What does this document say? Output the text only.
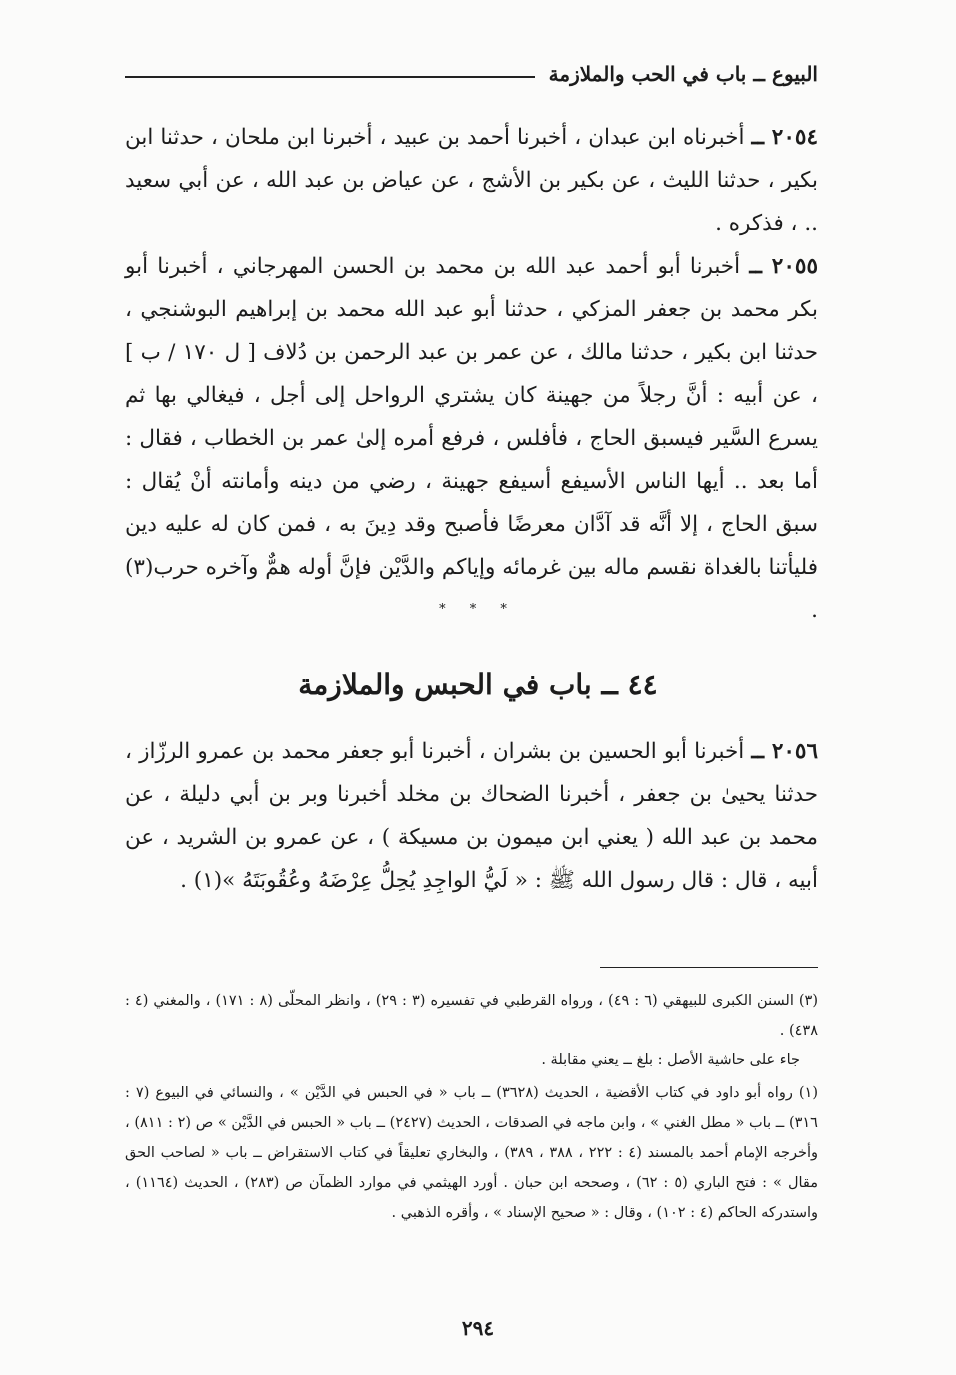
البيوع ــ باب في الحب والملازمة

٢٠٥٤ ــ أخبرناه ابن عبدان ، أخبرنا أحمد بن عبيد ، أخبرنا ابن ملحان ، حدثنا ابن بكير ، حدثنا الليث ، عن بكير بن الأشج ، عن عياض بن عبد الله ، عن أبي سعيد .. ، فذكره .

٢٠٥٥ ــ أخبرنا أبو أحمد عبد الله بن محمد بن الحسن المهرجاني ، أخبرنا أبو بكر محمد بن جعفر المزكي ، حدثنا أبو عبد الله محمد بن إبراهيم البوشنجي ، حدثنا ابن بكير ، حدثنا مالك ، عن عمر بن عبد الرحمن بن دُلاف [ ل ١٧٠ / ب ] ، عن أبيه : أنَّ رجلاً من جهينة كان يشتري الرواحل إلى أجل ، فيغالي بها ثم يسرع السَّير فيسبق الحاج ، فأفلس ، فرفع أمره إلىٰ عمر بن الخطاب ، فقال : أما بعد .. أيها الناس الأسيفع أسيفع جهينة ، رضي من دينه وأمانته أنْ يُقال : سبق الحاج ، إلا أنَّه قد آدَّان معرضًا فأصبح وقد دِينَ به ، فمن كان له عليه دين فليأتنا بالغداة نقسم ماله بين غرمائه وإياكم والدَّيْن فإنَّ أوله همٌّ وآخره حرب(٣) .

* * *
٤٤ ــ باب في الحبس والملازمة

٢٠٥٦ ــ أخبرنا أبو الحسين بن بشران ، أخبرنا أبو جعفر محمد بن عمرو الرزّاز ، حدثنا يحيىٰ بن جعفر ، أخبرنا الضحاك بن مخلد أخبرنا وبر بن أبي دليلة ، عن محمد بن عبد الله ( يعني ابن ميمون بن مسيكة ) ، عن عمرو بن الشريد ، عن أبيه ، قال : قال رسول الله ﷺ : « لَيُّ الواجِدِ يُحِلُّ عِرْضَهُ وعُقُوبَتَهُ »(١) .

(٣) السنن الكبرى للبيهقي (٦ : ٤٩) ، ورواه القرطبي في تفسيره (٣ : ٢٩) ، وانظر المحلّى (٨ : ١٧١) ، والمغني (٤ : ٤٣٨) .

جاء على حاشية الأصل : بلغ ــ يعني مقابلة .

(١) رواه أبو داود في كتاب الأقضية ، الحديث (٣٦٢٨) ــ باب « في الحبس في الدَّيْن » ، والنسائي في البيوع (٧ : ٣١٦) ــ باب « مطل الغني » ، وابن ماجه في الصدقات ، الحديث (٢٤٢٧) ــ باب « الحبس في الدَّيْن » ص (٢ : ٨١١) ، وأخرجه الإمام أحمد بالمسند (٤ : ٢٢٢ ، ٣٨٨ ، ٣٨٩) ، والبخاري تعليقاً في كتاب الاستقراض ــ باب « لصاحب الحق مقال » : فتح الباري (٥ : ٦٢) ، وصححه ابن حبان . أورد الهيثمي في موارد الظمآن ص (٢٨٣) ، الحديث (١١٦٤) ، واستدركه الحاكم (٤ : ١٠٢) ، وقال : « صحيح الإسناد » ، وأقره الذهبي .

٢٩٤
